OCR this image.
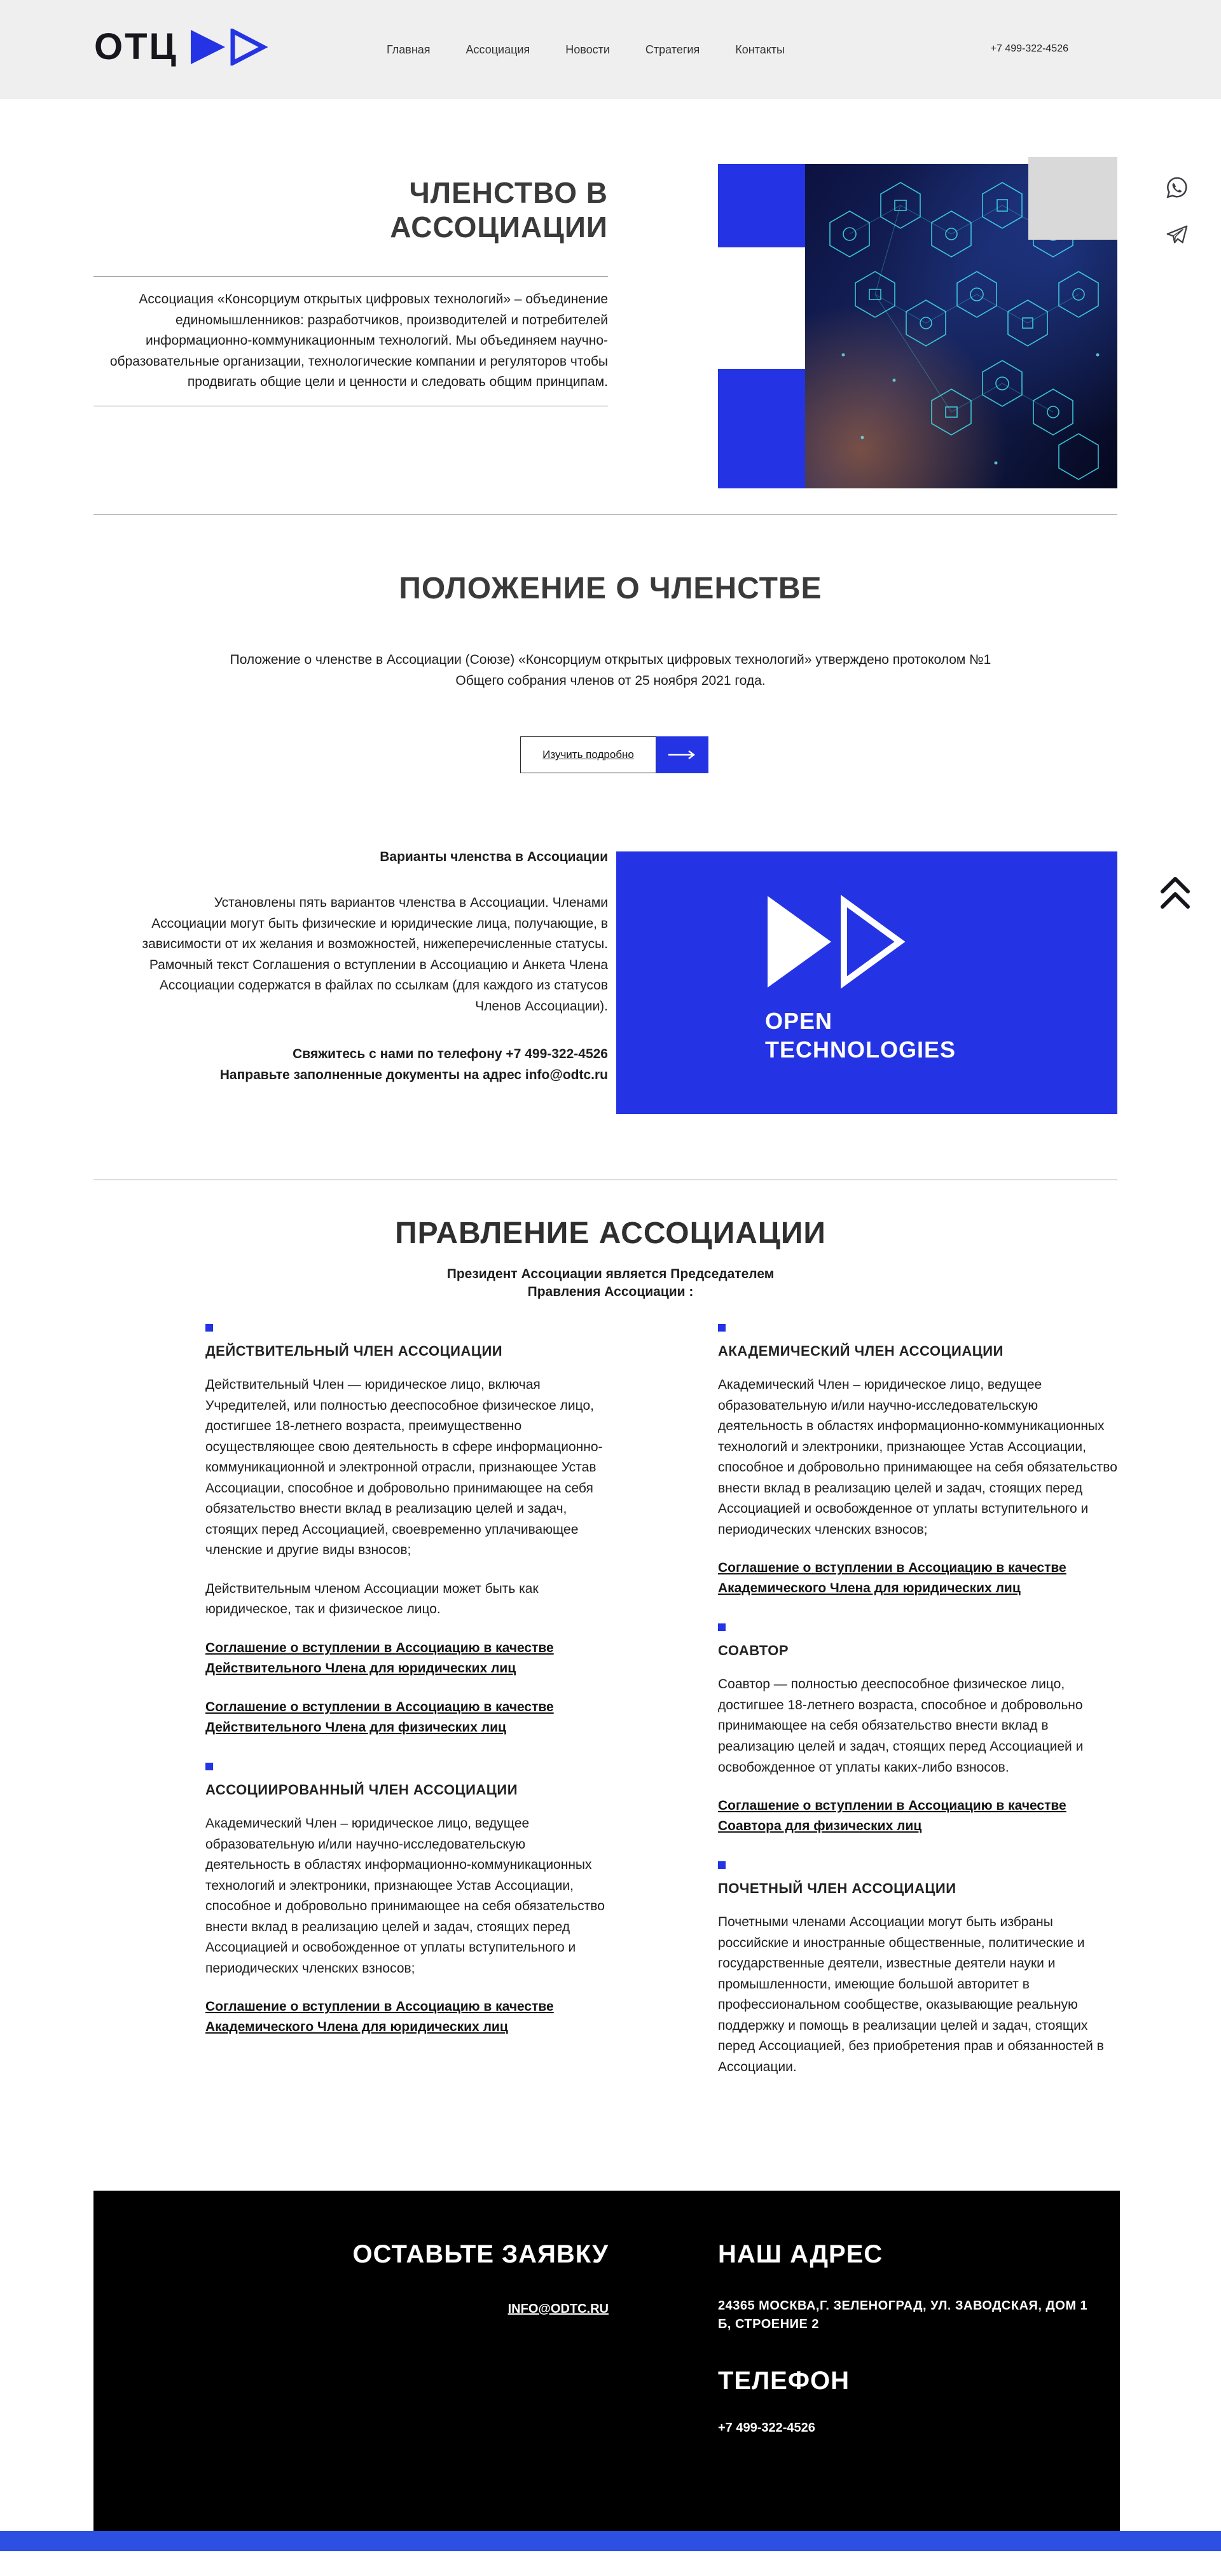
ОТЦ	Главная	Ассоциация	Новости	Стратегия	Контакты	+7 499-322-4526
ЧЛЕНСТВО В АССОЦИАЦИИ
Ассоциация «Консорциум открытых цифровых технологий» – объединение единомышленников: разработчиков, производителей и потребителей информационно-коммуникационным технологий. Мы объединяем научно-образовательные организации, технологические компании и регуляторов чтобы продвигать общие цели и ценности и следовать общим принципам.
ПОЛОЖЕНИЕ О ЧЛЕНСТВЕ

Положение о членстве в Ассоциации (Союзе) «Консорциум открытых цифровых технологий» утверждено протоколом №1 Общего собрания членов от 25 ноября 2021 года.

Изучить подробно
Варианты членства в Ассоциации

Установлены пять вариантов членства в Ассоциации. Членами Ассоциации могут быть физические и юридические лица, получающие, в зависимости от их желания и возможностей, нижеперечисленные статусы. Рамочный текст Соглашения о вступлении в Ассоциацию и Анкета Члена Ассоциации содержатся в файлах по ссылкам (для каждого из статусов Членов Ассоциации).

Свяжитесь с нами по телефону +7 499-322-4526
Направьте заполненные документы на адрес info@odtc.ru
OPEN
TECHNOLOGIES
ПРАВЛЕНИЕ АССОЦИАЦИИ
Президент Ассоциации является Председателем
Правления Ассоциации :
ДЕЙСТВИТЕЛЬНЫЙ ЧЛЕН АССОЦИАЦИИ

Действительный Член — юридическое лицо, включая Учредителей, или полностью дееспособное физическое лицо, достигшее 18-летнего возраста, преимущественно осуществляющее свою деятельность в сфере информационно-коммуникационной и электронной отрасли, признающее Устав Ассоциации, способное и добровольно принимающее на себя обязательство внести вклад в реализацию целей и задач, стоящих перед Ассоциацией, своевременно уплачивающее членские и другие виды взносов;

Действительным членом Ассоциации может быть как юридическое, так и физическое лицо.

Соглашение о вступлении в Ассоциацию в качестве Действительного Члена для юридических лиц
Соглашение о вступлении в Ассоциацию в качестве Действительного Члена для физических лиц
АССОЦИИРОВАННЫЙ ЧЛЕН АССОЦИАЦИИ

Академический Член – юридическое лицо, ведущее образовательную и/или научно-исследовательскую деятельность в областях информационно-коммуникационных технологий и электроники, признающее Устав Ассоциации, способное и добровольно принимающее на себя обязательство внести вклад в реализацию целей и задач, стоящих перед Ассоциацией и освобожденное от уплаты вступительного и периодических членских взносов;

Соглашение о вступлении в Ассоциацию в качестве Академического Члена для юридических лиц
АКАДЕМИЧЕСКИЙ ЧЛЕН АССОЦИАЦИИ

Академический Член – юридическое лицо, ведущее образовательную и/или научно-исследовательскую деятельность в областях информационно-коммуникационных технологий и электроники, признающее Устав Ассоциации, способное и добровольно принимающее на себя обязательство внести вклад в реализацию целей и задач, стоящих перед Ассоциацией и освобожденное от уплаты вступительного и периодических членских взносов;

Соглашение о вступлении в Ассоциацию в качестве Академического Члена для юридических лиц
СОАВТОР

Соавтор — полностью дееспособное физическое лицо, достигшее 18-летнего возраста, способное и добровольно принимающее на себя обязательство внести вклад в реализацию целей и задач, стоящих перед Ассоциацией и освобожденное от уплаты каких-либо взносов.

Соглашение о вступлении в Ассоциацию в качестве Соавтора для физических лиц
ПОЧЕТНЫЙ ЧЛЕН АССОЦИАЦИИ

Почетными членами Ассоциации могут быть избраны российские и иностранные общественные, политические и государственные деятели, известные деятели науки и промышленности, имеющие большой авторитет в профессиональном сообществе, оказывающие реальную поддержку и помощь в реализации целей и задач, стоящих перед Ассоциацией, без приобретения прав и обязанностей в Ассоциации.

ОСТАВЬТЕ ЗАЯВКУ
INFO@ODTC.RU
НАШ АДРЕС
24365 МОСКВА,Г. ЗЕЛЕНОГРАД, УЛ. ЗАВОДСКАЯ, ДОМ 1 Б, СТРОЕНИЕ 2
ТЕЛЕФОН
+7 499-322-4526
